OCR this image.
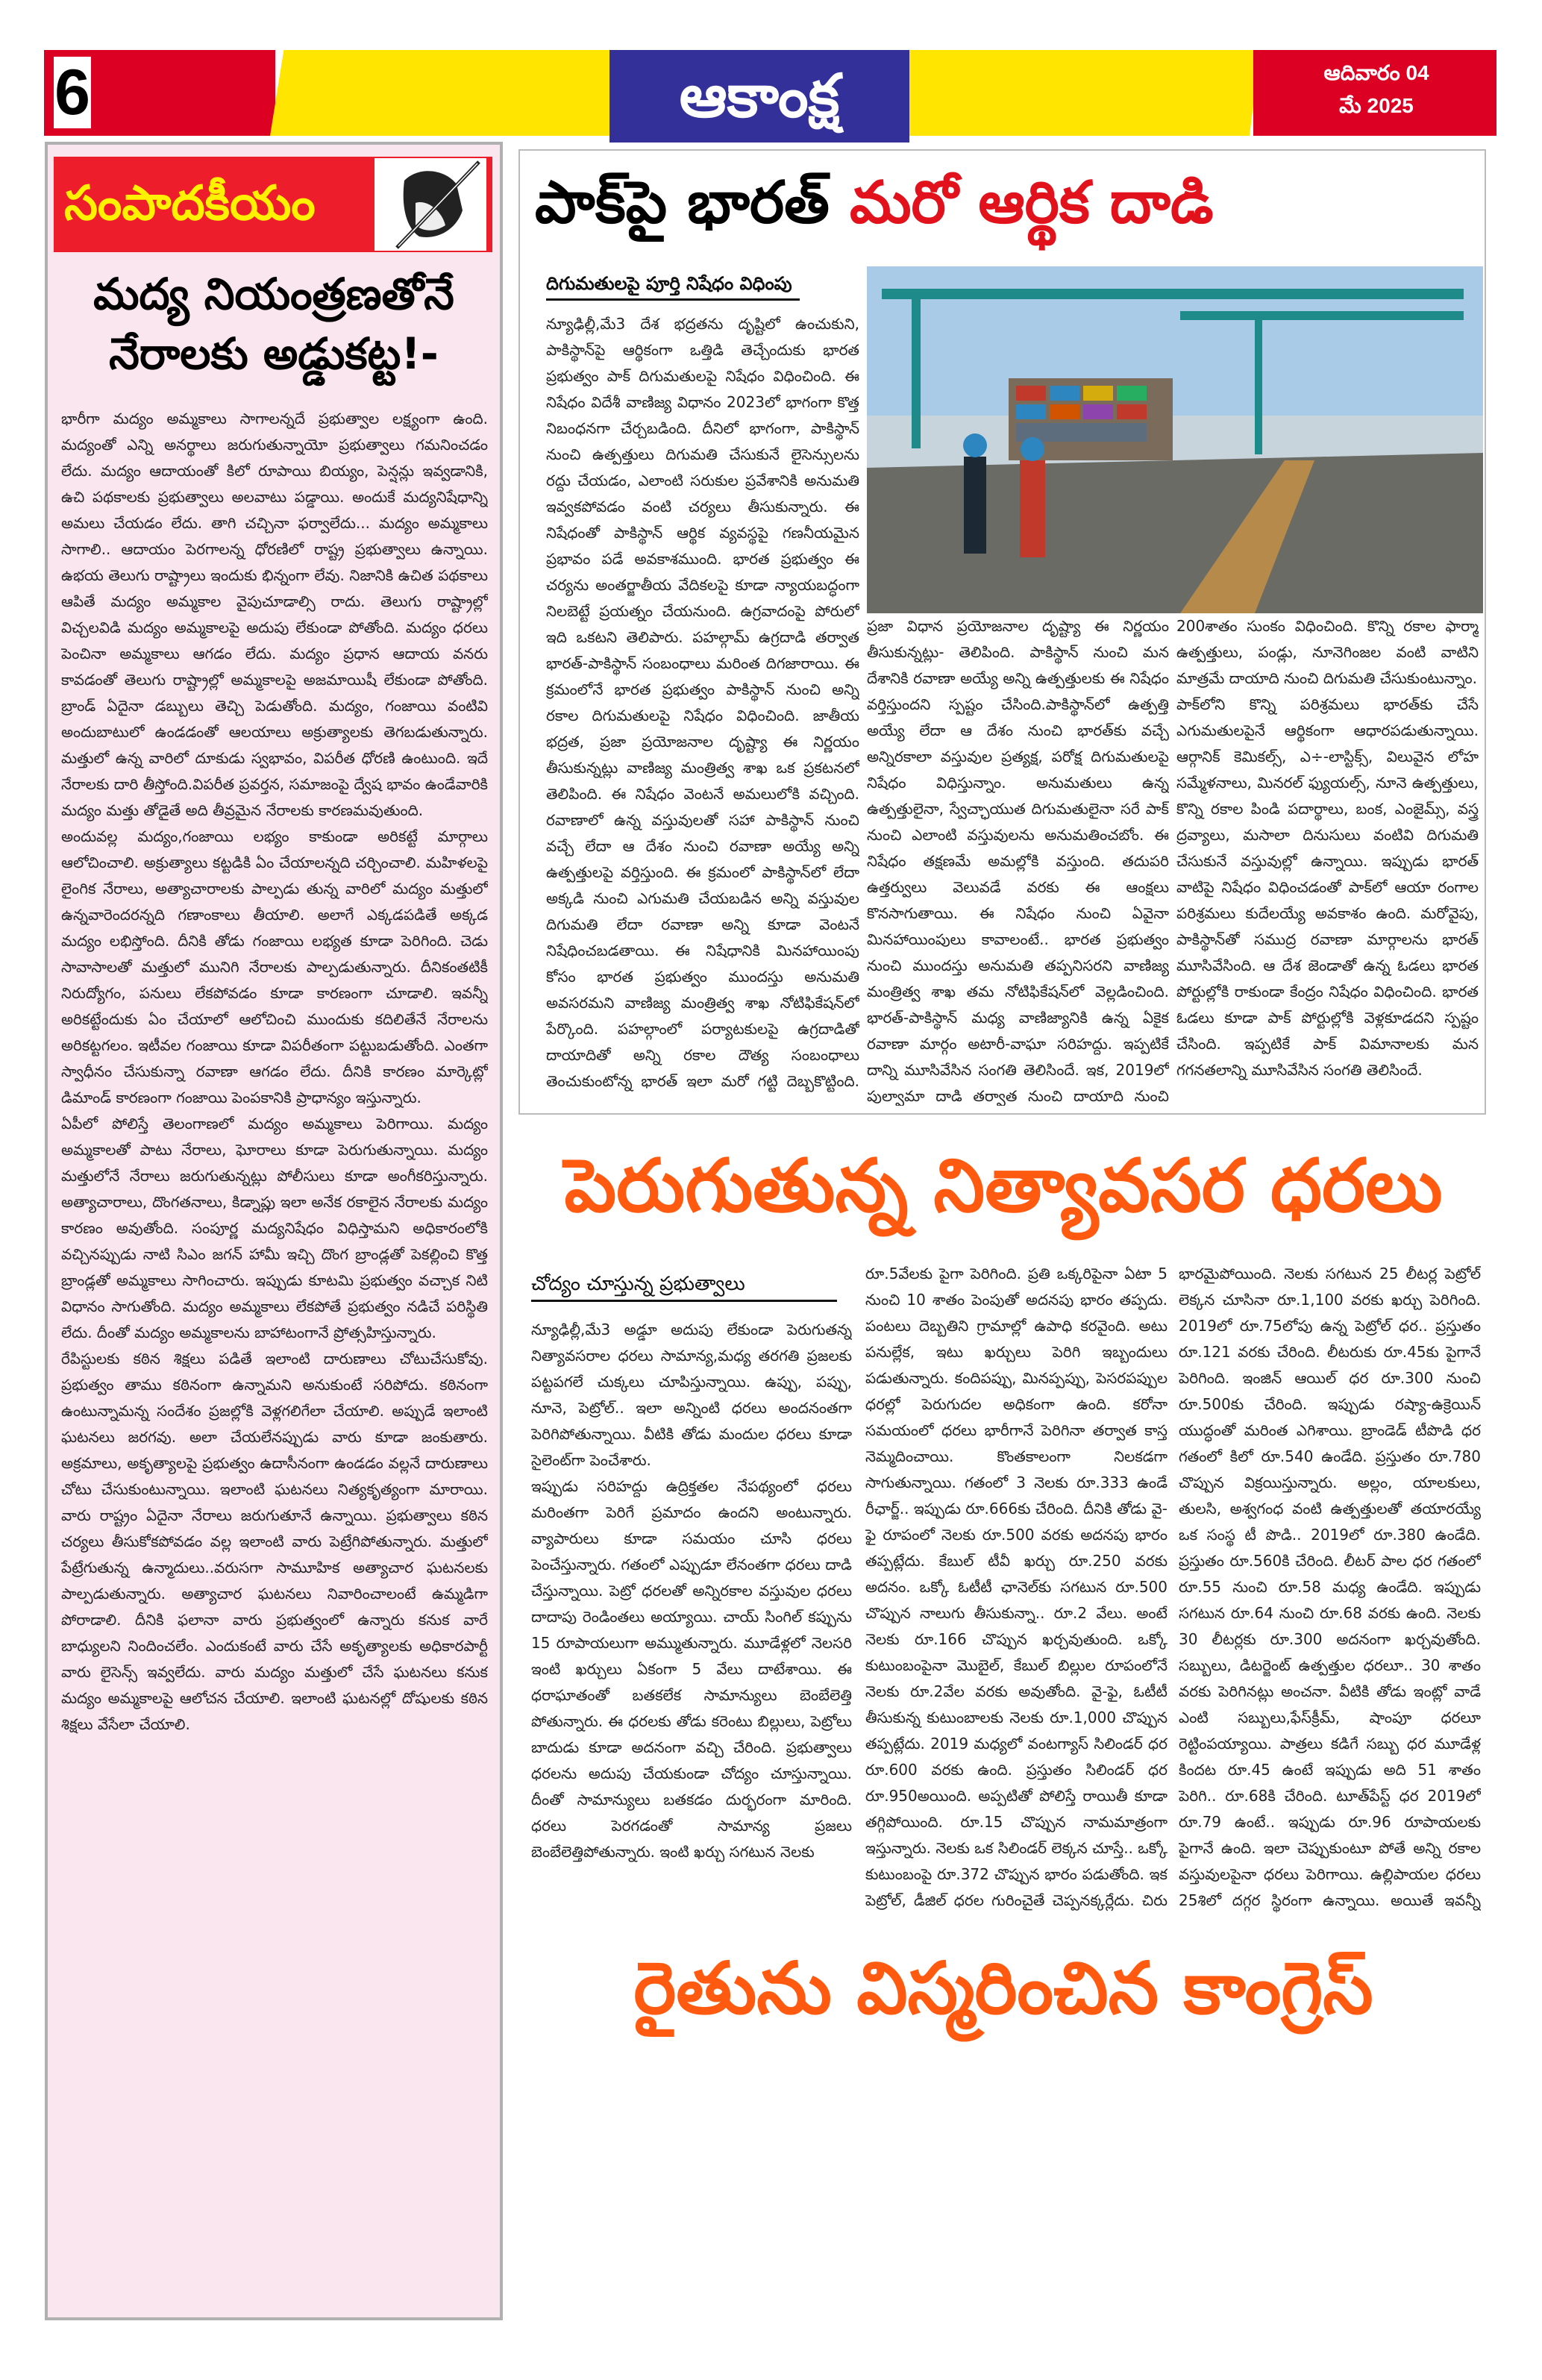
6	ఆకాంక్ష	ఆదివారం 04
మే 2025
సంపాదకీయం
మద్య నియంత్రణతోనే
నేరాలకు అడ్డుకట్ట!-

భారీగా మద్యం అమ్మకాలు సాగాలన్నదే ప్రభుత్వాల లక్ష్యంగా ఉంది. మద్యంతో ఎన్ని అనర్థాలు జరుగుతున్నాయో ప్రభుత్వాలు గమనించడం లేదు. మద్యం ఆదాయంతో కిలో రూపాయి బియ్యం, పెన్షన్లు ఇవ్వడానికి, ఉచి పథకాలకు ప్రభుత్వాలు అలవాటు పడ్డాయి. అందుకే మద్యనిషేధాన్ని అమలు చేయడం లేదు. తాగి చచ్చినా ఫర్వాలేదు... మద్యం అమ్మకాలు సాగాలి.. ఆదాయం పెరగాలన్న ధోరణిలో రాష్ట్ర ప్రభుత్వాలు ఉన్నాయి. ఉభయ తెలుగు రాష్ట్రాలు ఇందుకు భిన్నంగా లేవు. నిజానికి ఉచిత పథకాలు ఆపితే మద్యం అమ్మకాల వైపుచూడాల్సి రాదు. తెలుగు రాష్ట్రాల్లో విచ్చలవిడి మద్యం అమ్మకాలపై అదుపు లేకుండా పోతోంది. మద్యం ధరలు పెంచినా అమ్మకాలు ఆగడం లేదు. మద్యం ప్రధాన ఆదాయ వనరు కావడంతో తెలుగు రాష్ట్రాల్లో అమ్మకాలపై అజమాయిషీ లేకుండా పోతోంది. బ్రాండ్ ఏదైనా డబ్బులు తెచ్చి పెడుతోంది. మద్యం, గంజాయి వంటివి అందుబాటులో ఉండడంతో ఆలయాలు అక్రుత్యాలకు తెగబడుతున్నారు. మత్తులో ఉన్న వారిలో దూకుడు స్వభావం, విపరీత ధోరణి ఉంటుంది. ఇదే నేరాలకు దారి తీస్తోంది.విపరీత ప్రవర్తన, సమాజంపై ద్వేష భావం ఉండేవారికి మద్యం మత్తు తోడైతే అది తీవ్రమైన నేరాలకు కారణమవుతుంది.

అందువల్ల మద్యం,గంజాయి లభ్యం కాకుండా అరికట్టే మార్గాలు ఆలోచించాలి. అక్రుత్యాలు కట్టడికి ఏం చేయాలన్నది చర్చించాలి. మహిళలపై లైంగిక నేరాలు, అత్యాచారాలకు పాల్పడు తున్న వారిలో మద్యం మత్తులో ఉన్నవారెందరన్నది గణాంకాలు తీయాలి. అలాగే ఎక్కడపడితే అక్కడ మద్యం లభిస్తోంది. దీనికి తోడు గంజాయి లభ్యత కూడా పెరిగింది. చెడు సావాసాలతో మత్తులో మునిగి నేరాలకు పాల్పడుతున్నారు. దీనికంతటికీ నిరుద్యోగం, పనులు లేకపోవడం కూడా కారణంగా చూడాలి. ఇవన్నీ అరికట్టేందుకు ఏం చేయాలో ఆలోచించి ముందుకు కదిలితేనే నేరాలను అరికట్టగలం. ఇటీవల గంజాయి కూడా విపరీతంగా పట్టుబడుతోంది. ఎంతగా స్వాధీనం చేసుకున్నా రవాణా ఆగడం లేదు. దీనికి కారణం మార్కెట్లో డిమాండ్ కారణంగా గంజాయి పెంపకానికి ప్రాధాన్యం ఇస్తున్నారు.

ఏపీలో పోలిస్తే తెలంగాణలో మద్యం అమ్మకాలు పెరిగాయి. మద్యం అమ్మకాలతో పాటు నేరాలు, ఘోరాలు కూడా పెరుగుతున్నాయి. మద్యం మత్తులోనే నేరాలు జరుగుతున్నట్లు పోలీసులు కూడా అంగీకరిస్తున్నారు. అత్యాచారాలు, దొంగతనాలు, కిడ్నాప్లు ఇలా అనేక రకాలైన నేరాలకు మద్యం కారణం అవుతోంది. సంపూర్ణ మద్యనిషేధం విధిస్తామని అధికారంలోకి వచ్చినప్పుడు నాటి సిఎం జగన్ హామీ ఇచ్చి దొంగ బ్రాండ్లతో పెకల్లించి కొత్త బ్రాండ్లతో అమ్మకాలు సాగించారు. ఇప్పుడు కూటమి ప్రభుత్వం వచ్చాక నిటి విధానం సాగుతోంది. మద్యం అమ్మకాలు లేకపోతే ప్రభుత్వం నడిచే పరిస్థితి లేదు. దీంతో మద్యం అమ్మకాలను బాహాటంగానే ప్రోత్సహిస్తున్నారు.

రేపిస్టులకు కఠిన శిక్షలు పడితే ఇలాంటి దారుణాలు చోటుచేసుకోవు. ప్రభుత్వం తాము కఠినంగా ఉన్నామని అనుకుంటే సరిపోదు. కఠినంగా ఉంటున్నామన్న సందేశం ప్రజల్లోకి వెళ్లగలిగేలా చేయాలి. అప్పుడే ఇలాంటి ఘటనలు జరగవు. అలా చేయలేనప్పుడు వారు కూడా జంకుతారు. అక్రమాలు, అకృత్యాలపై ప్రభుత్వం ఉదాసీనంగా ఉండడం వల్లనే దారుణాలు చోటు చేసుకుంటున్నాయి. ఇలాంటి ఘటనలు నిత్యకృత్యంగా మారాయి. వారు రాష్ట్రం ఏదైనా నేరాలు జరుగుతూనే ఉన్నాయి. ప్రభుత్వాలు కఠిన చర్యలు తీసుకోకపోవడం వల్ల ఇలాంటి వారు పెట్రేగిపోతున్నారు. మత్తులో పేట్రేగుతున్న ఉన్మాదులు..వరుసగా సామూహిక అత్యాచార ఘటనలకు పాల్పడుతున్నారు. అత్యాచార ఘటనలు నివారించాలంటే ఉమ్మడిగా పోరాడాలి. దీనికి ఫలానా వారు ప్రభుత్వంలో ఉన్నారు కనుక వారే బాధ్యులని నిందించలేం. ఎందుకంటే వారు చేసే అకృత్యాలకు అధికారపార్టీ వారు లైసెన్స్ ఇవ్వలేదు. వారు మద్యం మత్తులో చేసే ఘటనలు కనుక మద్యం అమ్మకాలపై ఆలోచన చేయాలి. ఇలాంటి ఘటనల్లో దోషులకు కఠిన శిక్షలు వేసేలా చేయాలి.

పాక్‌పై భారత్ మరో ఆర్థిక దాడి
దిగుమతులపై పూర్తి నిషేధం విధింపు

న్యూఢిల్లీ,మే3 దేశ భద్రతను దృష్టిలో ఉంచుకుని, పాకిస్థాన్‌పై ఆర్థికంగా ఒత్తిడి తెచ్చేందుకు భారత ప్రభుత్వం పాక్ దిగుమతులపై నిషేధం విధించింది. ఈ నిషేధం విదేశీ వాణిజ్య విధానం 2023లో భాగంగా కొత్త నిబంధనగా చేర్చబడింది. దీనిలో భాగంగా, పాకిస్థాన్ నుంచి ఉత్పత్తులు దిగుమతి చేసుకునే లైసెన్సులను రద్దు చేయడం, ఎలాంటి సరుకుల ప్రవేశానికి అనుమతి ఇవ్వకపోవడం వంటి చర్యలు తీసుకున్నారు. ఈ నిషేధంతో పాకిస్థాన్ ఆర్థిక వ్యవస్థపై గణనీయమైన ప్రభావం పడే అవకాశముంది. భారత ప్రభుత్వం ఈ చర్యను అంతర్జాతీయ వేదికలపై కూడా న్యాయబద్ధంగా నిలబెట్టే ప్రయత్నం చేయనుంది. ఉగ్రవాదంపై పోరులో ఇది ఒకటని తెలిపారు. పహల్గామ్ ఉగ్రదాడి తర్వాత భారత్-పాకిస్థాన్ సంబంధాలు మరింత దిగజారాయి. ఈ క్రమంలోనే భారత ప్రభుత్వం పాకిస్థాన్ నుంచి అన్ని రకాల దిగుమతులపై నిషేధం విధించింది. జాతీయ భద్రత, ప్రజా ప్రయోజనాల దృష్ట్యా ఈ నిర్ణయం తీసుకున్నట్లు వాణిజ్య మంత్రిత్వ శాఖ ఒక ప్రకటనలో తెలిపింది. ఈ నిషేధం వెంటనే అమలులోకి వచ్చింది. రవాణాలో ఉన్న వస్తువులతో సహా పాకిస్థాన్ నుంచి వచ్చే లేదా ఆ దేశం నుంచి రవాణా అయ్యే అన్ని ఉత్పత్తులపై వర్తిస్తుంది. ఈ క్రమంలో పాకిస్థాన్‌లో లేదా అక్కడి నుంచి ఎగుమతి చేయబడిన అన్ని వస్తువుల దిగుమతి లేదా రవాణా అన్ని కూడా వెంటనే నిషేధించబడతాయి. ఈ నిషేధానికి మినహాయింపు కోసం భారత ప్రభుత్వం ముందస్తు అనుమతి అవసరమని వాణిజ్య మంత్రిత్వ శాఖ నోటిఫికేషన్‌లో పేర్కొంది. పహల్గాంలో పర్యాటకులపై ఉగ్రదాడితో దాయాదితో అన్ని రకాల దౌత్య సంబంధాలు తెంచుకుంటోన్న భారత్ ఇలా మరో గట్టి దెబ్బకొట్టింది.

ప్రజా విధాన ప్రయోజనాల దృష్ట్యా ఈ నిర్ణయం తీసుకున్నట్లు- తెలిపింది. పాకిస్థాన్ నుంచి మన దేశానికి రవాణా అయ్యే అన్ని ఉత్పత్తులకు ఈ నిషేధం వర్తిస్తుందని స్పష్టం చేసింది.పాకిస్థాన్‌లో ఉత్పత్తి అయ్యే లేదా ఆ దేశం నుంచి భారత్‌కు వచ్చే అన్నిరకాలా వస్తువుల ప్రత్యక్ష, పరోక్ష దిగుమతులపై నిషేధం విధిస్తున్నాం. అనుమతులు ఉన్న ఉత్పత్తులైనా, స్వేచ్ఛాయుత దిగుమతులైనా సరే పాక్ నుంచి ఎలాంటి వస్తువులను అనుమతించబోం. ఈ నిషేధం తక్షణమే అమల్లోకి వస్తుంది. తదుపరి ఉత్తర్వులు వెలువడే వరకు ఈ ఆంక్షలు కొనసాగుతాయి. ఈ నిషేధం నుంచి ఏవైనా మినహాయింపులు కావాలంటే.. భారత ప్రభుత్వం నుంచి ముందస్తు అనుమతి తప్పనిసరని వాణిజ్య మంత్రిత్వ శాఖ తమ నోటిఫికేషన్‌లో వెల్లడించింది. భారత్-పాకిస్థాన్ మధ్య వాణిజ్యానికి ఉన్న ఏకైక రవాణా మార్గం అటారీ-వాఘా సరిహద్దు. ఇప్పటికే దాన్ని మూసివేసిన సంగతి తెలిసిందే. ఇక, 2019లో పుల్వామా దాడి తర్వాత నుంచి దాయాది నుంచి

200శాతం సుంకం విధించింది. కొన్ని రకాల ఫార్మా ఉత్పత్తులు, పండ్లు, నూనెగింజల వంటి వాటిని మాత్రమే దాయాది నుంచి దిగుమతి చేసుకుంటున్నాం.

పాక్‌లోని కొన్ని పరిశ్రమలు భారత్‌కు చేసే ఎగుమతులపైనే ఆర్థికంగా ఆధారపడుతున్నాయి. ఆర్గానిక్ కెమికల్స్, ఎ÷-లాస్టిక్స్, విలువైన లోహ సమ్మేళనాలు, మినరల్ ఫ్యుయల్స్, నూనె ఉత్పత్తులు, కొన్ని రకాల పిండి పదార్థాలు, బంక, ఎంజైమ్స్, వస్త్ర ద్రవ్యాలు, మసాలా దినుసులు వంటివి దిగుమతి చేసుకునే వస్తువుల్లో ఉన్నాయి. ఇప్పుడు భారత్ వాటిపై నిషేధం విధించడంతో పాక్‌లో ఆయా రంగాల పరిశ్రమలు కుదేలయ్యే అవకాశం ఉంది. మరోవైపు, పాకిస్థాన్‌తో సముద్ర రవాణా మార్గాలను భారత్ మూసివేసింది. ఆ దేశ జెండాతో ఉన్న ఓడలు భారత పోర్టుల్లోకి రాకుండా కేంద్రం నిషేధం విధించింది. భారత ఓడలు కూడా పాక్ పోర్టుల్లోకి వెళ్లకూడదని స్పష్టం చేసింది. ఇప్పటికే పాక్ విమానాలకు మన గగనతలాన్ని మూసివేసిన సంగతి తెలిసిందే.

పెరుగుతున్న నిత్యావసర ధరలు
చోద్యం చూస్తున్న ప్రభుత్వాలు

న్యూఢిల్లీ,మే3 అడ్డూ అదుపు లేకుండా పెరుగుతన్న నిత్యావసరాల ధరలు సామాన్య,మధ్య తరగతి ప్రజలకు పట్టపగలే చుక్కలు చూపిస్తున్నాయి. ఉప్పు, పప్పు, నూనె, పెట్రోల్.. ఇలా అన్నింటి ధరలు అందనంతగా పెరిగిపోతున్నాయి. వీటికి తోడు మందుల ధరలు కూడా సైలెంట్‌గా పెంచేశారు.

ఇప్పుడు సరిహద్దు ఉద్రిక్తతల నేపథ్యంలో ధరలు మరింతగా పెరిగే ప్రమాదం ఉందని అంటున్నారు. వ్యాపారులు కూడా సమయం చూసి ధరలు పెంచేస్తున్నారు. గతంలో ఎప్పుడూ లేనంతగా ధరలు దాడి చేస్తున్నాయి. పెట్రో ధరలతో అన్నిరకాల వస్తువుల ధరలు దాదాపు రెండింతలు అయ్యాయి. చాయ్ సింగిల్ కప్పును 15 రూపాయలుగా అమ్ముతున్నారు. మూడేళ్లలో నెలసరి ఇంటి ఖర్చులు ఏకంగా 5 వేలు దాటేశాయి. ఈ ధరాఘాతంతో బతకలేక సామాన్యులు బెంబేలెత్తి పోతున్నారు. ఈ ధరలకు తోడు కరెంటు బిల్లులు, పెట్రోలు బాదుడు కూడా అదనంగా వచ్చి చేరింది. ప్రభుత్వాలు ధరలను అదుపు చేయకుండా చోద్యం చూస్తున్నాయి. దీంతో సామాన్యులు బతకడం దుర్భరంగా మారింది. ధరలు పెరగడంతో సామాన్య ప్రజలు బెంబేలెత్తిపోతున్నారు. ఇంటి ఖర్చు సగటున నెలకు

రూ.5వేలకు పైగా పెరిగింది. ప్రతి ఒక్కరిపైనా ఏటా 5 నుంచి 10 శాతం పెంపుతో అదనపు భారం తప్పదు. పంటలు దెబ్బతిని గ్రామాల్లో ఉపాధి కరవైంది. అటు పనుల్లేక, ఇటు ఖర్చులు పెరిగి ఇబ్బందులు పడుతున్నారు. కందిపప్పు, మినప్పప్పు, పెసరపప్పుల ధరల్లో పెరుగుదల అధికంగా ఉంది. కరోనా సమయంలో ధరలు భారీగానే పెరిగినా తర్వాత కాస్త నెమ్మదించాయి. కొంతకాలంగా నిలకడగా సాగుతున్నాయి. గతంలో 3 నెలకు రూ.333 ఉండే రీఛార్జ్.. ఇప్పుడు రూ.666కు చేరింది. దీనికి తోడు వై-ఫై రూపంలో నెలకు రూ.500 వరకు అదనపు భారం తప్పట్లేదు. కేబుల్ టీవీ ఖర్చు రూ.250 వరకు అదనం. ఒక్కో ఓటీటీ ఛానెల్‌కు సగటున రూ.500 చొప్పున నాలుగు తీసుకున్నా.. రూ.2 వేలు. అంటే నెలకు రూ.166 చొప్పున ఖర్చవుతుంది. ఒక్కో కుటుంబంపైనా మొబైల్, కేబుల్ బిల్లుల రూపంలోనే నెలకు రూ.2వేల వరకు అవుతోంది. వై-ఫై, ఓటీటీ తీసుకున్న కుటుంబాలకు నెలకు రూ.1,000 చొప్పున తప్పట్లేదు. 2019 మధ్యలో వంటగ్యాస్ సిలిండర్ ధర రూ.600 వరకు ఉంది. ప్రస్తుతం సిలిండర్ ధర రూ.950అయింది. అప్పటితో పోలిస్తే రాయితీ కూడా తగ్గిపోయింది. రూ.15 చొప్పున నామమాత్రంగా ఇస్తున్నారు. నెలకు ఒక సిలిండర్ లెక్కన చూస్తే.. ఒక్కో కుటుంబంపై రూ.372 చొప్పున భారం పడుతోంది. ఇక పెట్రోల్, డీజిల్ ధరల గురించైతే చెప్పనక్కర్లేదు. చిరు

భారమైపోయింది. నెలకు సగటున 25 లీటర్ల పెట్రోల్ లెక్కన చూసినా రూ.1,100 వరకు ఖర్చు పెరిగింది. 2019లో రూ.75లోపు ఉన్న పెట్రోల్ ధర.. ప్రస్తుతం రూ.121 వరకు చేరింది. లీటరుకు రూ.45కు పైగానే పెరిగింది. ఇంజిన్ ఆయిల్ ధర రూ.300 నుంచి రూ.500కు చేరింది. ఇప్పుడు రష్యా-ఉక్రెయిన్ యుద్ధంతో మరింత ఎగిశాయి. బ్రాండెడ్ టీపొడి ధర గతంలో కిలో రూ.540 ఉండేది. ప్రస్తుతం రూ.780 చొప్పున విక్రయిస్తున్నారు. అల్లం, యాలకులు, తులసి, అశ్వగంధ వంటి ఉత్పత్తులతో తయారయ్యే ఒక సంస్థ టీ పొడి.. 2019లో రూ.380 ఉండేది. ప్రస్తుతం రూ.560కి చేరింది. లీటర్ పాల ధర గతంలో రూ.55 నుంచి రూ.58 మధ్య ఉండేది. ఇప్పుడు సగటున రూ.64 నుంచి రూ.68 వరకు ఉంది. నెలకు 30 లీటర్లకు రూ.300 అదనంగా ఖర్చవుతోంది. సబ్బులు, డిటర్జెంట్ ఉత్పత్తుల ధరలూ.. 30 శాతం వరకు పెరిగినట్లు అంచనా. వీటికి తోడు ఇంట్లో వాడే ఎంటి సబ్బులు,ఫేస్‌క్రీమ్, షాంపూ ధరలూ రెట్టింపయ్యాయి. పాత్రలు కడిగే సబ్బు ధర మూడేళ్ల కిందట రూ.45 ఉంటే ఇప్పుడు అది 51 శాతం పెరిగి.. రూ.68కి చేరింది. టూత్‌పేస్ట్ ధర 2019లో రూ.79 ఉంటే.. ఇప్పుడు రూ.96 రూపాయలకు పైగానే ఉంది. ఇలా చెప్పుకుంటూ పోతే అన్ని రకాల వస్తువులపైనా ధరలు పెరిగాయి. ఉల్లిపాయల ధరలు 25శిలో దగ్గర స్థిరంగా ఉన్నాయి. అయితే ఇవన్నీ

రైతును విస్మరించిన కాంగ్రెస్
